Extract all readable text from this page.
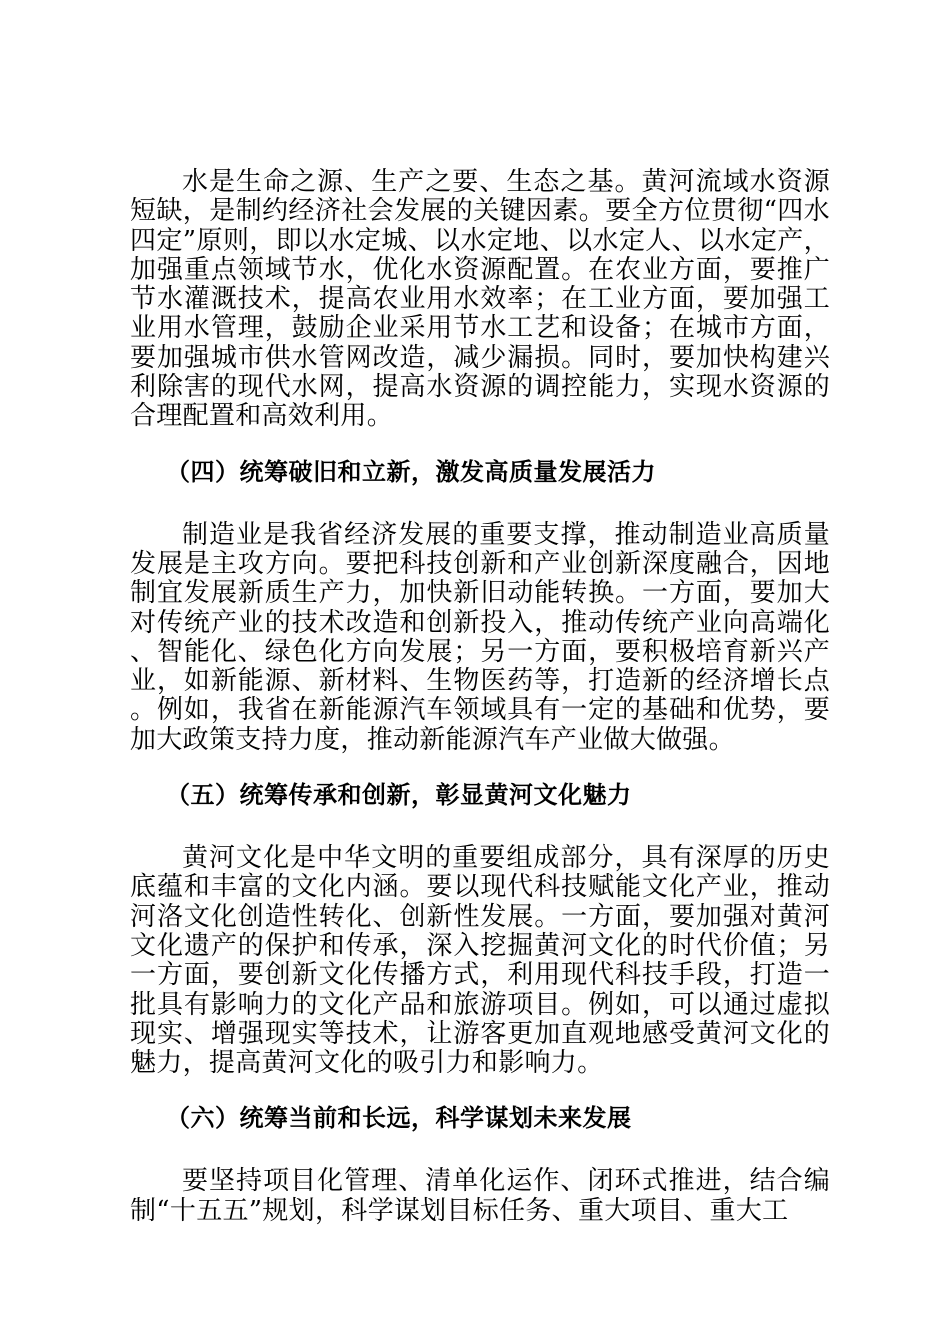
水是生命之源、生产之要、生态之基。黄河流域水资源短缺，是制约经济社会发展的关键因素。要全方位贯彻“四水四定”原则，即以水定城、以水定地、以水定人、以水定产，加强重点领域节水，优化水资源配置。在农业方面，要推广节水灌溉技术，提高农业用水效率；在工业方面，要加强工业用水管理，鼓励企业采用节水工艺和设备；在城市方面，要加强城市供水管网改造，减少漏损。同时，要加快构建兴利除害的现代水网，提高水资源的调控能力，实现水资源的合理配置和高效利用。

（四）统筹破旧和立新，激发高质量发展活力

制造业是我省经济发展的重要支撑，推动制造业高质量发展是主攻方向。要把科技创新和产业创新深度融合，因地制宜发展新质生产力，加快新旧动能转换。一方面，要加大对传统产业的技术改造和创新投入，推动传统产业向高端化、智能化、绿色化方向发展；另一方面，要积极培育新兴产业，如新能源、新材料、生物医药等，打造新的经济增长点。例如，我省在新能源汽车领域具有一定的基础和优势，要加大政策支持力度，推动新能源汽车产业做大做强。

（五）统筹传承和创新，彰显黄河文化魅力

黄河文化是中华文明的重要组成部分，具有深厚的历史底蕴和丰富的文化内涵。要以现代科技赋能文化产业，推动河洛文化创造性转化、创新性发展。一方面，要加强对黄河文化遗产的保护和传承，深入挖掘黄河文化的时代价值；另一方面，要创新文化传播方式，利用现代科技手段，打造一批具有影响力的文化产品和旅游项目。例如，可以通过虚拟现实、增强现实等技术，让游客更加直观地感受黄河文化的魅力，提高黄河文化的吸引力和影响力。

（六）统筹当前和长远，科学谋划未来发展

要坚持项目化管理、清单化运作、闭环式推进，结合编制“十五五”规划，科学谋划目标任务、重大项目、重大工
